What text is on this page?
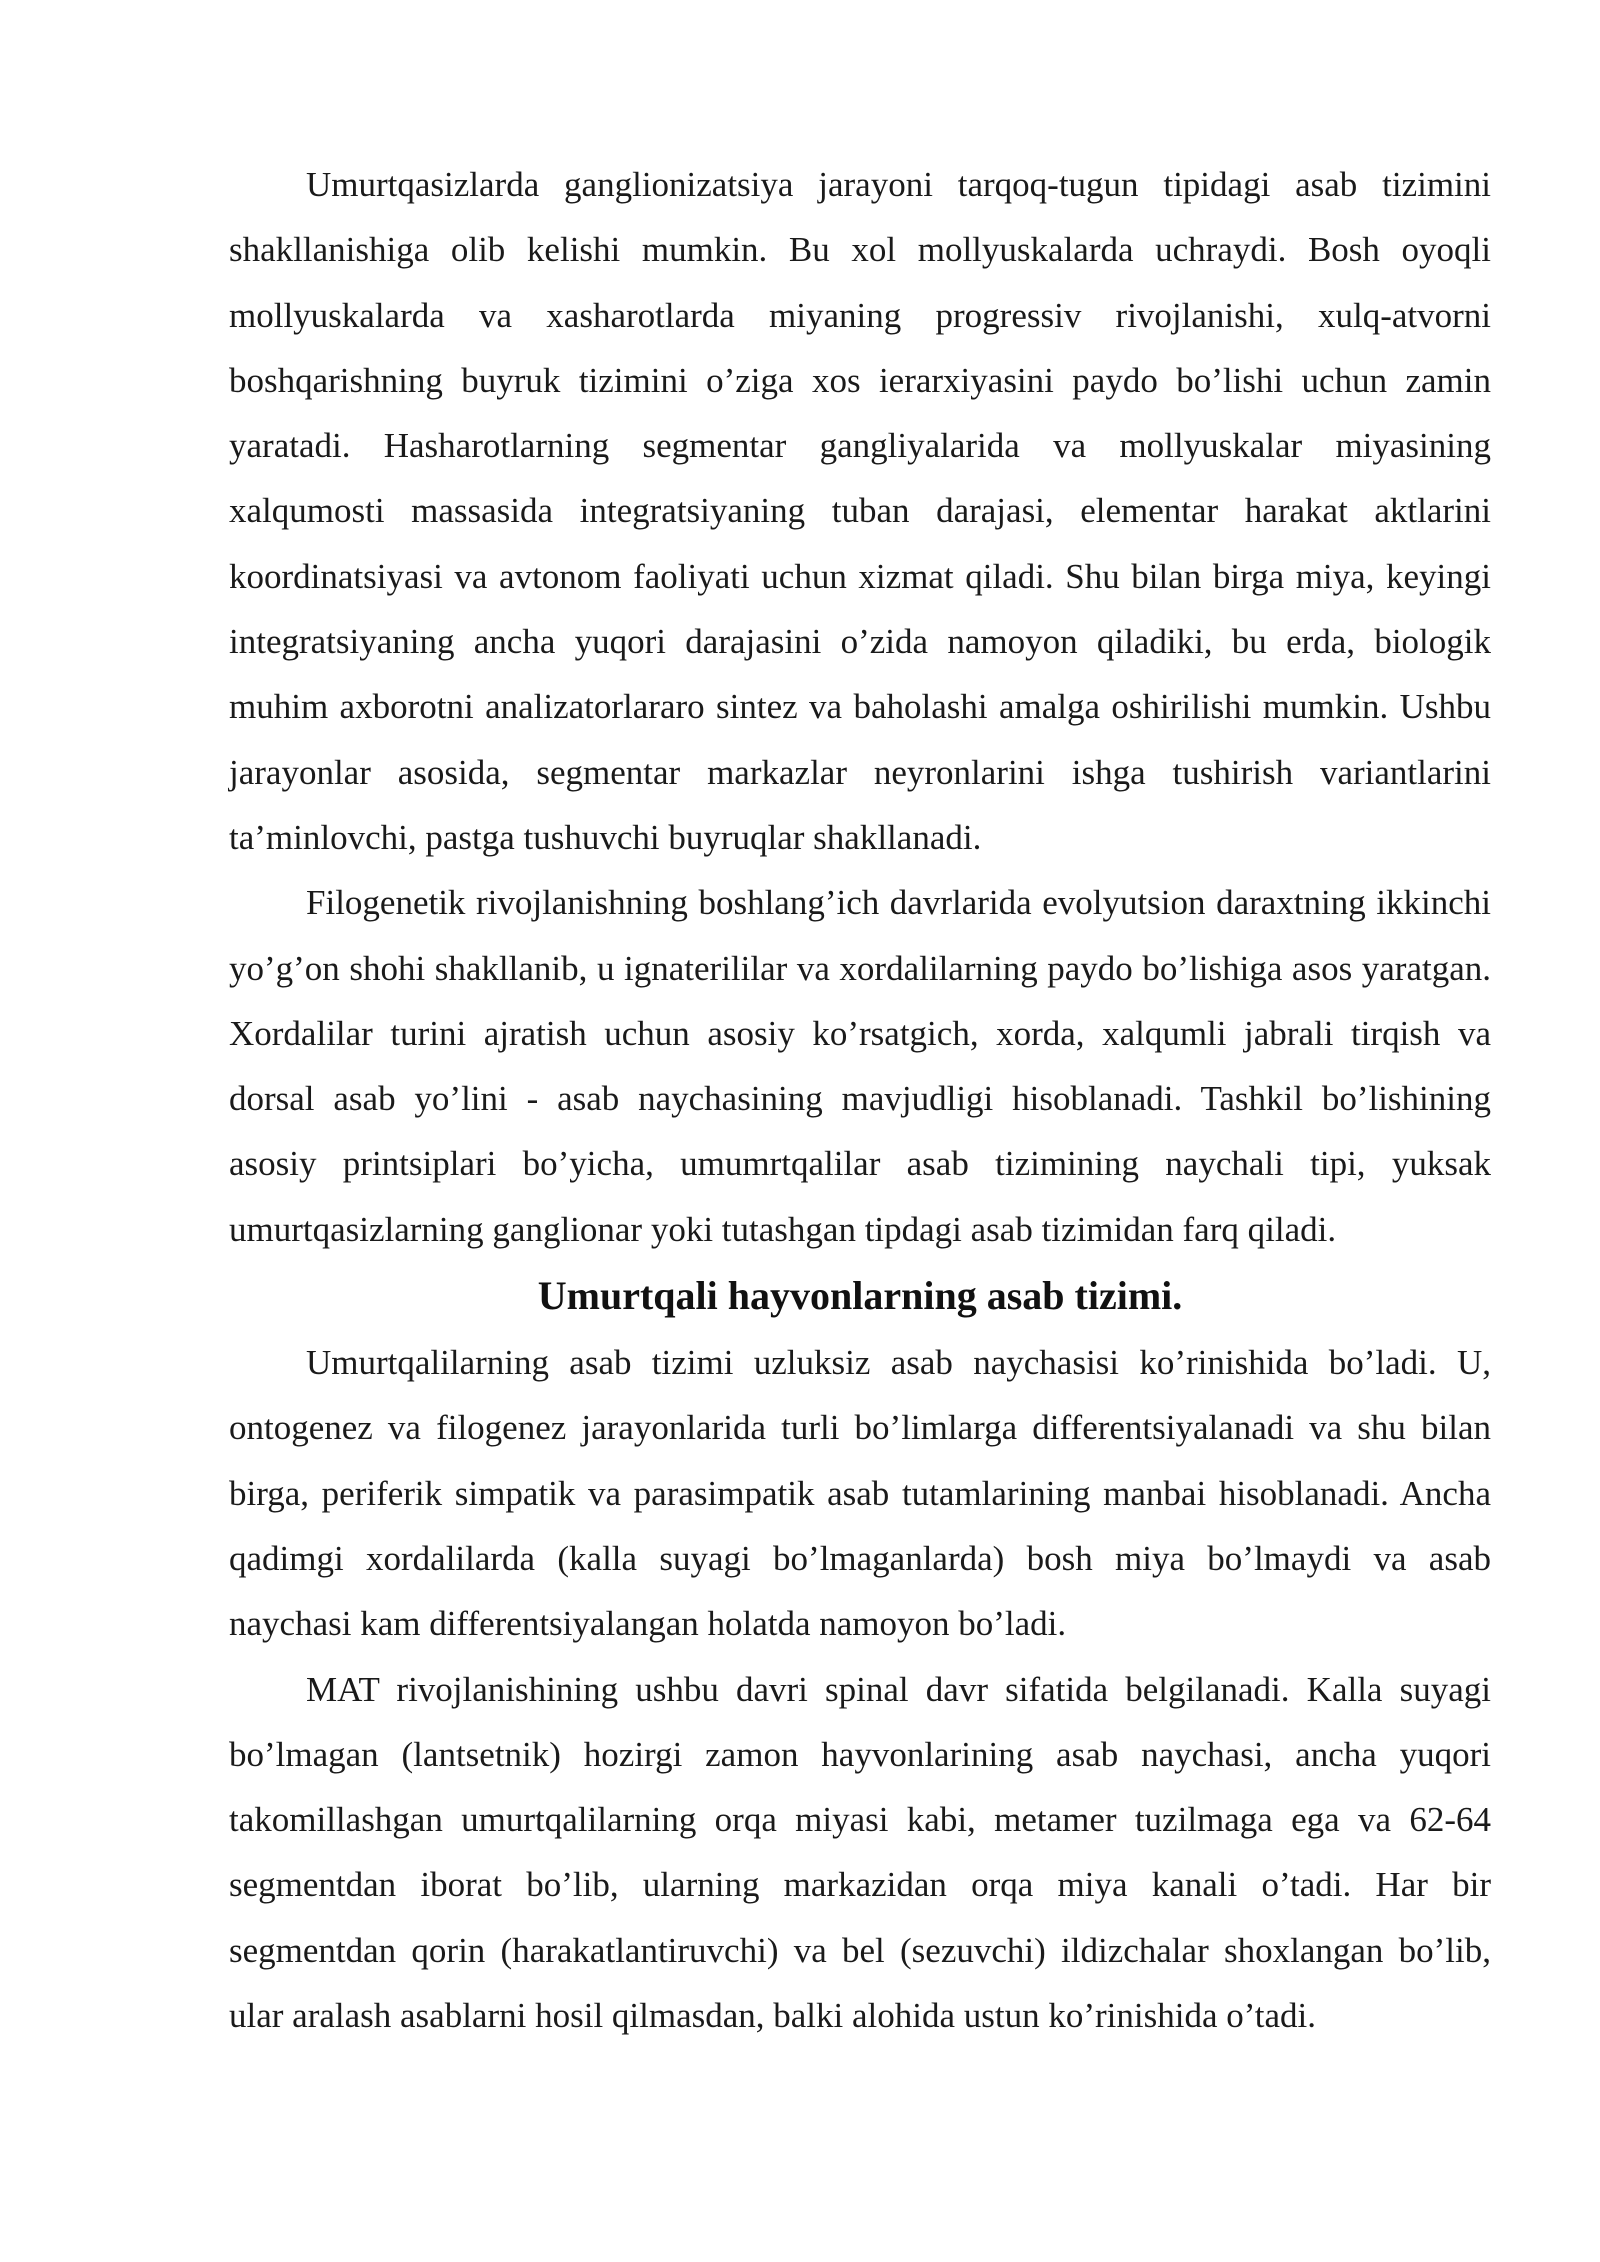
Umurtqasizlarda ganglionizatsiya jarayoni tarqoq-tugun tipidagi asab tizimini shakllanishiga olib kelishi mumkin. Bu xol mollyuskalarda uchraydi. Bosh oyoqli mollyuskalarda va xasharotlarda miyaning progressiv rivojlanishi, xulq-atvorni boshqarishning buyruk tizimini o’ziga xos ierarxiyasini paydo bo’lishi uchun zamin yaratadi. Hasharotlarning segmentar gangliyalarida va mollyuskalar miyasining xalqumosti massasida integratsiyaning tuban darajasi, elementar harakat aktlarini koordinatsiyasi va avtonom faoliyati uchun xizmat qiladi. Shu bilan birga miya, keyingi integratsiyaning ancha yuqori darajasini o’zida namoyon qiladiki, bu erda, biologik muhim axborotni analizatorlararo sintez va baholashi amalga oshirilishi mumkin. Ushbu jarayonlar asosida, segmentar markazlar neyronlarini ishga tushirish variantlarini ta’minlovchi, pastga tushuvchi buyruqlar shakllanadi.

Filogenetik rivojlanishning boshlang’ich davrlarida evolyutsion daraxtning ikkinchi yo’g’on shohi shakllanib, u ignaterililar va xordalilarning paydo bo’lishiga asos yaratgan. Xordalilar turini ajratish uchun asosiy ko’rsatgich, xorda, xalqumli jabrali tirqish va dorsal asab yo’lini - asab naychasining mavjudligi hisoblanadi. Tashkil bo’lishining asosiy printsiplari bo’yicha, umumrtqalilar asab tizimining naychali tipi, yuksak umurtqasizlarning ganglionar yoki tutashgan tipdagi asab tizimidan farq qiladi.

Umurtqali hayvonlarning asab tizimi.

Umurtqalilarning asab tizimi uzluksiz asab naychasisi ko’rinishida bo’ladi. U, ontogenez va filogenez jarayonlarida turli bo’limlarga differentsiyalanadi va shu bilan birga, periferik simpatik va parasimpatik asab tutamlarining manbai hisoblanadi. Ancha qadimgi xordalilarda (kalla suyagi bo’lmaganlarda) bosh miya bo’lmaydi va asab naychasi kam differentsiyalangan holatda namoyon bo’ladi.

MAT rivojlanishining ushbu davri spinal davr sifatida belgilanadi. Kalla suyagi bo’lmagan (lantsetnik) hozirgi zamon hayvonlarining asab naychasi, ancha yuqori takomillashgan umurtqalilarning orqa miyasi kabi, metamer tuzilmaga ega va 62-64 segmentdan iborat bo’lib, ularning markazidan orqa miya kanali o’tadi. Har bir segmentdan qorin (harakatlantiruvchi) va bel (sezuvchi) ildizchalar shoxlangan bo’lib, ular aralash asablarni hosil qilmasdan, balki alohida ustun ko’rinishida o’tadi.
